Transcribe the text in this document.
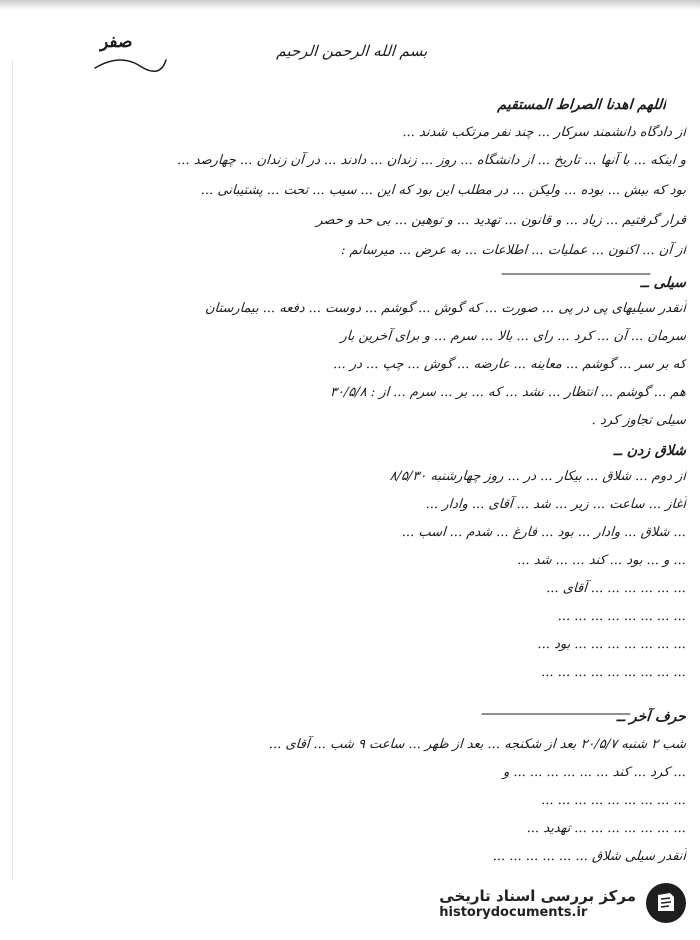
صفر	بسم الله الرحمن الرحیم
اللهم اهدنا الصراط المستقیم
از دادگاه دانشمند سرکار ... چند نفر مرتکب شدند ...
و اینکه ... با آنها ... تاریخ ... از دانشگاه ... روز ... زندان ... دادند ... در آن زندان ... چهارصد ...
بود که بیش ... بوده ... ولیکن ... در مطلب این بود که این ... سیب ... تحت ... پشتیبانی ...
قرار گرفتیم ... زیاد ... و قانون ... تهدید ... و توهین ... بی حد و حصر
از آن ... اکنون ... عملیات ... اطلاعات ... به عرض ... میرسانم :
سیلی ــ
آنقدر سیلیهای پی در پی ... صورت ... که گوش ... گوشم ... دوست ... دفعه ... بیمارستان
سرمان ... آن ... کرد ... رای ... بالا ... سرم ... و برای آخرین بار
که بر سر ... گوشم ... معاینه ... عارضه ... گوش ... چپ ... در ...
هم ... گوشم ... انتظار ... نشد ... که ... بر ... سرم ... از : ۳۰/۵/۸
سیلی تجاوز کرد .
شلاق زدن ــ
از دوم ... شلاق ... بیکار ... در ... روز چهارشنبه ۸/۵/۳۰
آغاز ... ساعت ... زیر ... شد ... آقای ... وادار ...
... شلاق ... وادار ... بود ... فارغ ... شدم ... اسب ...
... و ... بود ... کند ... ... شد ...
... ... ... ... ... ... آقای ...
... ... ... ... ... ... ... ...
... ... ... ... ... ... ... بود ...
... ... ... ... ... ... ... ... ...
حرف آخر ــ
شب ۲ شنبه ۲۰/۵/۷ بعد از شکنجه ... بعد از ظهر ... ساعت ۹ شب ... آقای ...
... کرد ... کند ... ... ... ... ... ... و
... ... ... ... ... ... ... ... ...
... ... ... ... ... ... ... تهدید ...
آنقدر سیلی شلاق ... ... ... ... ... ...
مرکز بررسی اسناد تاریخی
historydocuments.ir
